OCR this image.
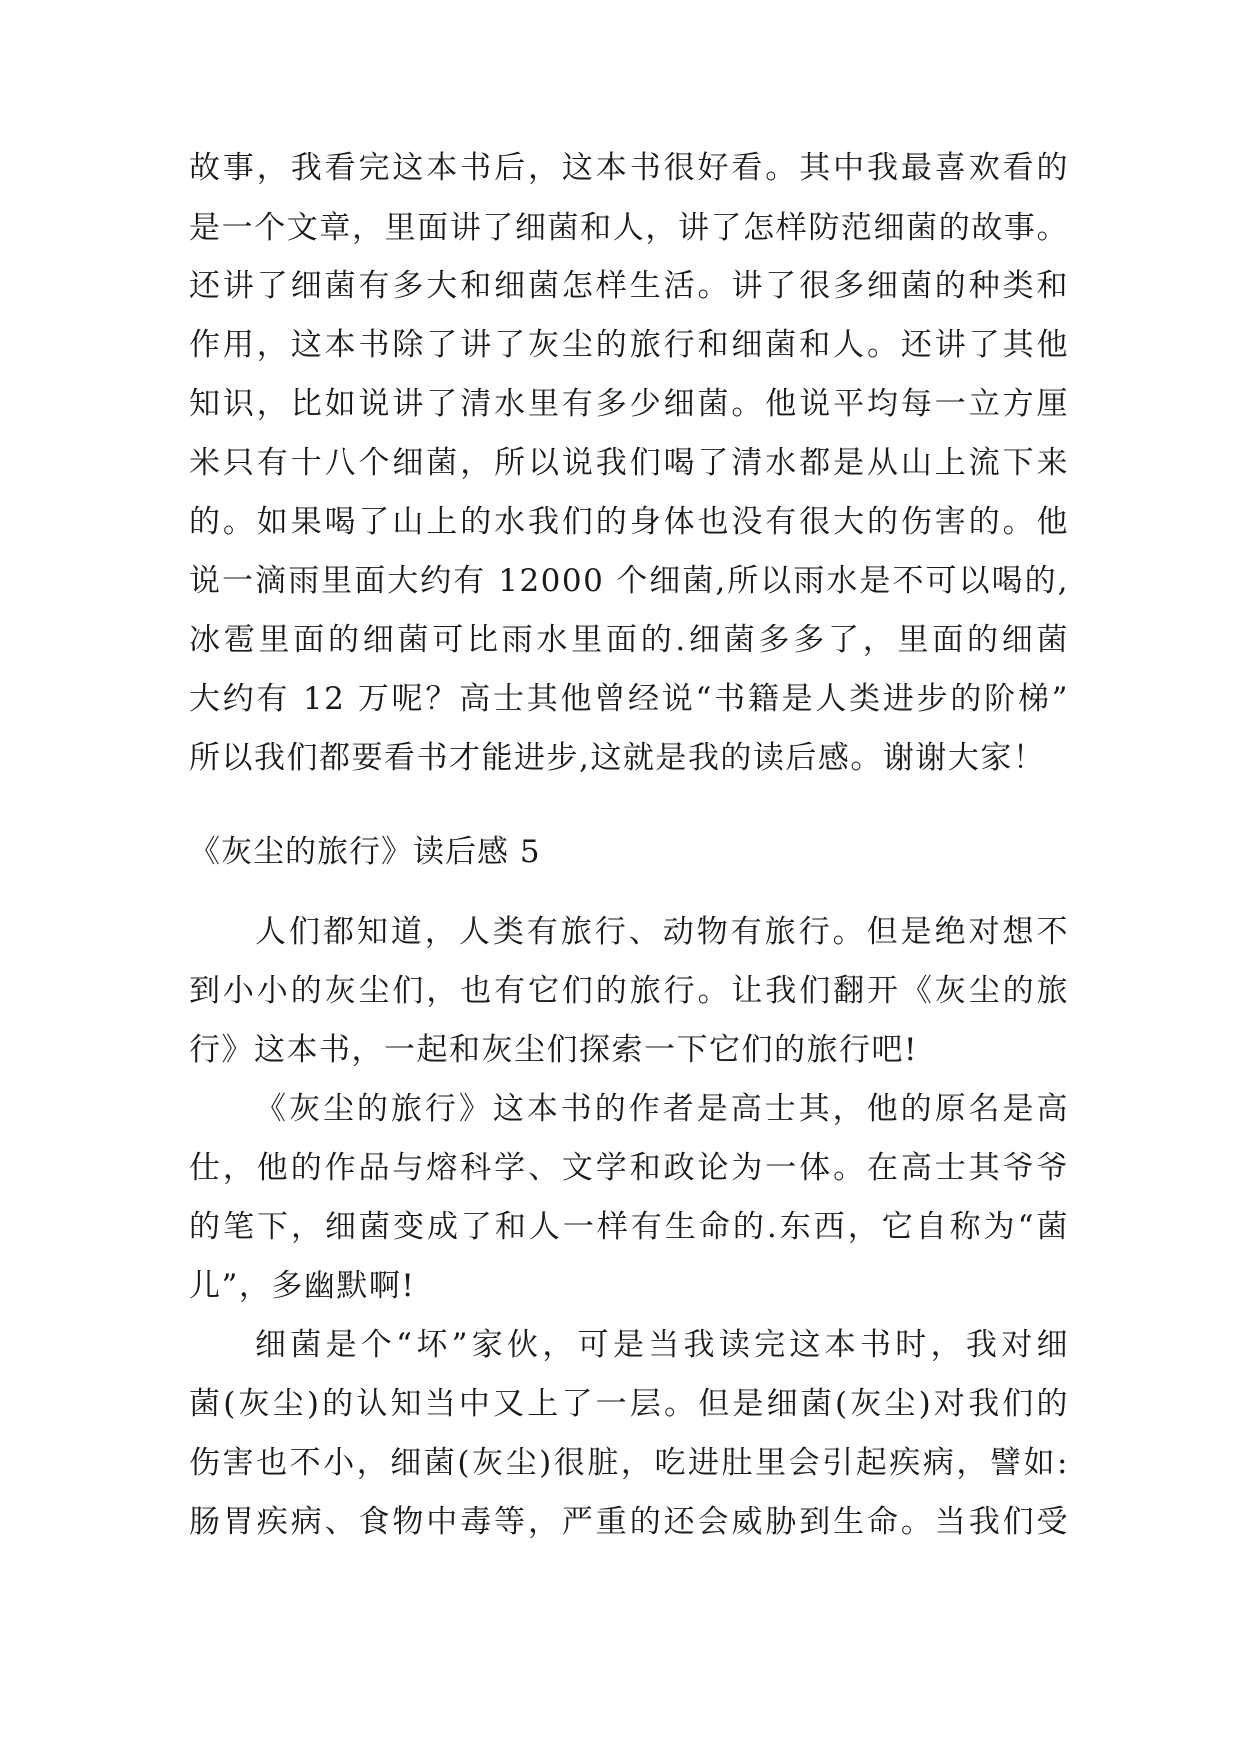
故事，我看完这本书后，这本书很好看。其中我最喜欢看的
是一个文章，里面讲了细菌和人，讲了怎样防范细菌的故事。
还讲了细菌有多大和细菌怎样生活。讲了很多细菌的种类和
作用，这本书除了讲了灰尘的旅行和细菌和人。还讲了其他
知识，比如说讲了清水里有多少细菌。他说平均每一立方厘
米只有十八个细菌，所以说我们喝了清水都是从山上流下来
的。如果喝了山上的水我们的身体也没有很大的伤害的。他
说一滴雨里面大约有 12000 个细菌,所以雨水是不可以喝的,
冰雹里面的细菌可比雨水里面的.细菌多多了，里面的细菌
大约有 12 万呢？高士其他曾经说“书籍是人类进步的阶梯”
所以我们都要看书才能进步,这就是我的读后感。谢谢大家！
《灰尘的旅行》读后感 5
人们都知道，人类有旅行、动物有旅行。但是绝对想不
到小小的灰尘们，也有它们的旅行。让我们翻开《灰尘的旅
行》这本书，一起和灰尘们探索一下它们的旅行吧!
《灰尘的旅行》这本书的作者是高士其，他的原名是高
仕，他的作品与熔科学、文学和政论为一体。在高士其爷爷
的笔下，细菌变成了和人一样有生命的.东西，它自称为“菌
儿”，多幽默啊!
细菌是个“坏”家伙，可是当我读完这本书时，我对细
菌(灰尘)的认知当中又上了一层。但是细菌(灰尘)对我们的
伤害也不小，细菌(灰尘)很脏，吃进肚里会引起疾病，譬如:
肠胃疾病、食物中毒等，严重的还会威胁到生命。当我们受
